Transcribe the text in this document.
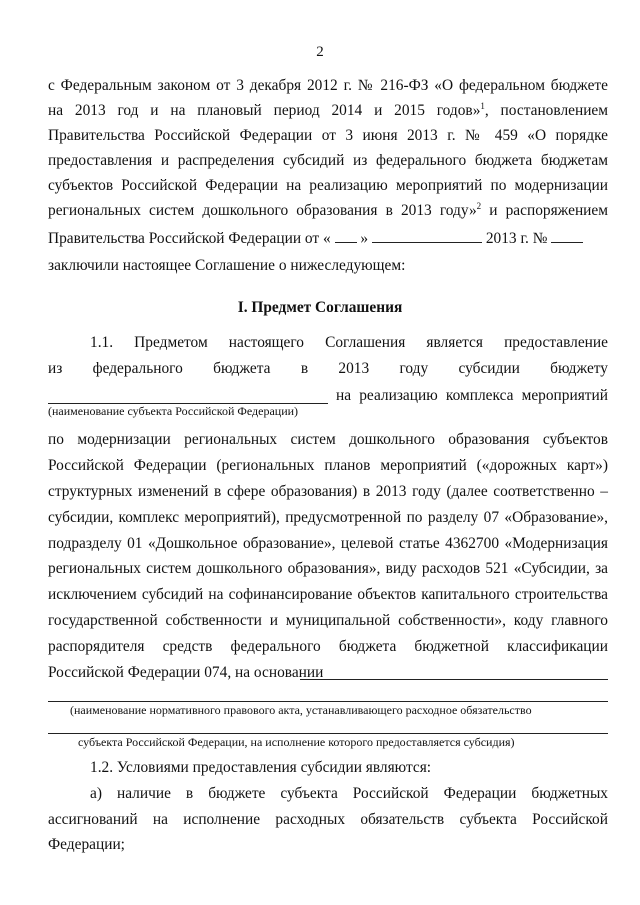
2
с Федеральным законом от 3 декабря 2012 г. № 216-ФЗ «О федеральном бюджете
на 2013 год и на плановый период 2014 и 2015 годов»$^1$, постановлением
Правительства Российской Федерации от 3 июня 2013 г. № 459 «О порядке
предоставления и распределения субсидий из федерального бюджета бюджетам
субъектов Российской Федерации на реализацию мероприятий по модернизации
региональных систем дошкольного образования в 2013 году»$^2$ и распоряжением
Правительства Российской Федерации от « »	2013 г. №
заключили настоящее Соглашение о нижеследующем:
I. Предмет Соглашения
1.1. Предметом настоящего Соглашения является предоставление
из федерального бюджета в 2013 году субсидии бюджету
на реализацию комплекса мероприятий
(наименование субъекта Российской Федерации)
по модернизации региональных систем дошкольного образования субъектов
Российской Федерации (региональных планов мероприятий («дорожных карт»)
структурных изменений в сфере образования) в 2013 году (далее соответственно –
субсидии, комплекс мероприятий), предусмотренной по разделу 07 «Образование»,
подразделу 01 «Дошкольное образование», целевой статье 4362700 «Модернизация
региональных систем дошкольного образования», виду расходов 521 «Субсидии, за
исключением субсидий на софинансирование объектов капитального строительства
государственной собственности и муниципальной собственности», коду главного
распорядителя средств федерального бюджета бюджетной классификации
Российской Федерации 074, на основании
(наименование нормативного правового акта, устанавливающего расходное обязательство
субъекта Российской Федерации, на исполнение которого предоставляется субсидия)
1.2. Условиями предоставления субсидии являются:
а) наличие в бюджете субъекта Российской Федерации бюджетных
ассигнований на исполнение расходных обязательств субъекта Российской
Федерации;
